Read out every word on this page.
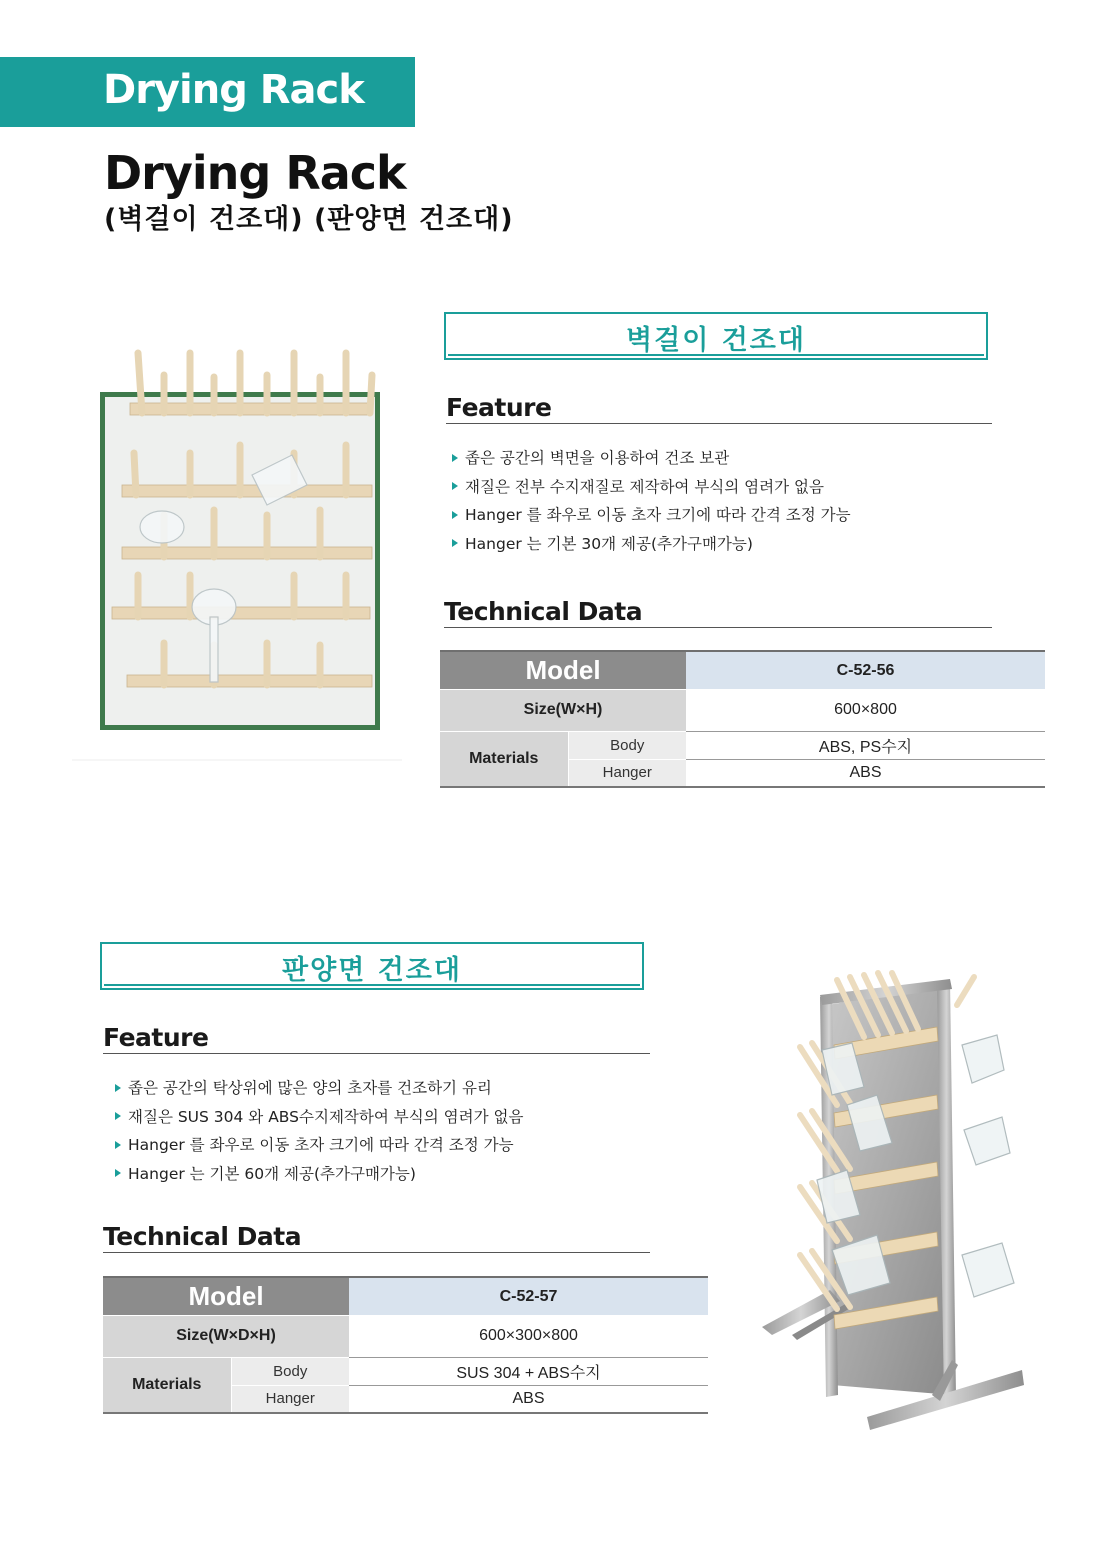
Drying Rack
Drying Rack
(벽걸이 건조대) (판양면 건조대)
벽걸이 건조대
Feature
좁은 공간의 벽면을 이용하여 건조 보관
재질은 전부 수지재질로 제작하여 부식의 염려가 없음
Hanger 를 좌우로 이동 초자 크기에 따라 간격 조정 가능
Hanger 는 기본 30개 제공(추가구매가능)
Technical Data
Model		C-52-56
Size(W×H)		600×800
Materials	Body	ABS, PS수지
	Hanger	ABS
판양면 건조대
Feature
좁은 공간의 탁상위에 많은 양의 초자를 건조하기 유리
재질은 SUS 304 와 ABS수지제작하여 부식의 염려가 없음
Hanger 를 좌우로 이동 초자 크기에 따라 간격 조정 가능
Hanger 는 기본 60개 제공(추가구매가능)
Technical Data
Model		C-52-57
Size(W×D×H)		600×300×800
Materials	Body	SUS 304 + ABS수지
	Hanger	ABS
